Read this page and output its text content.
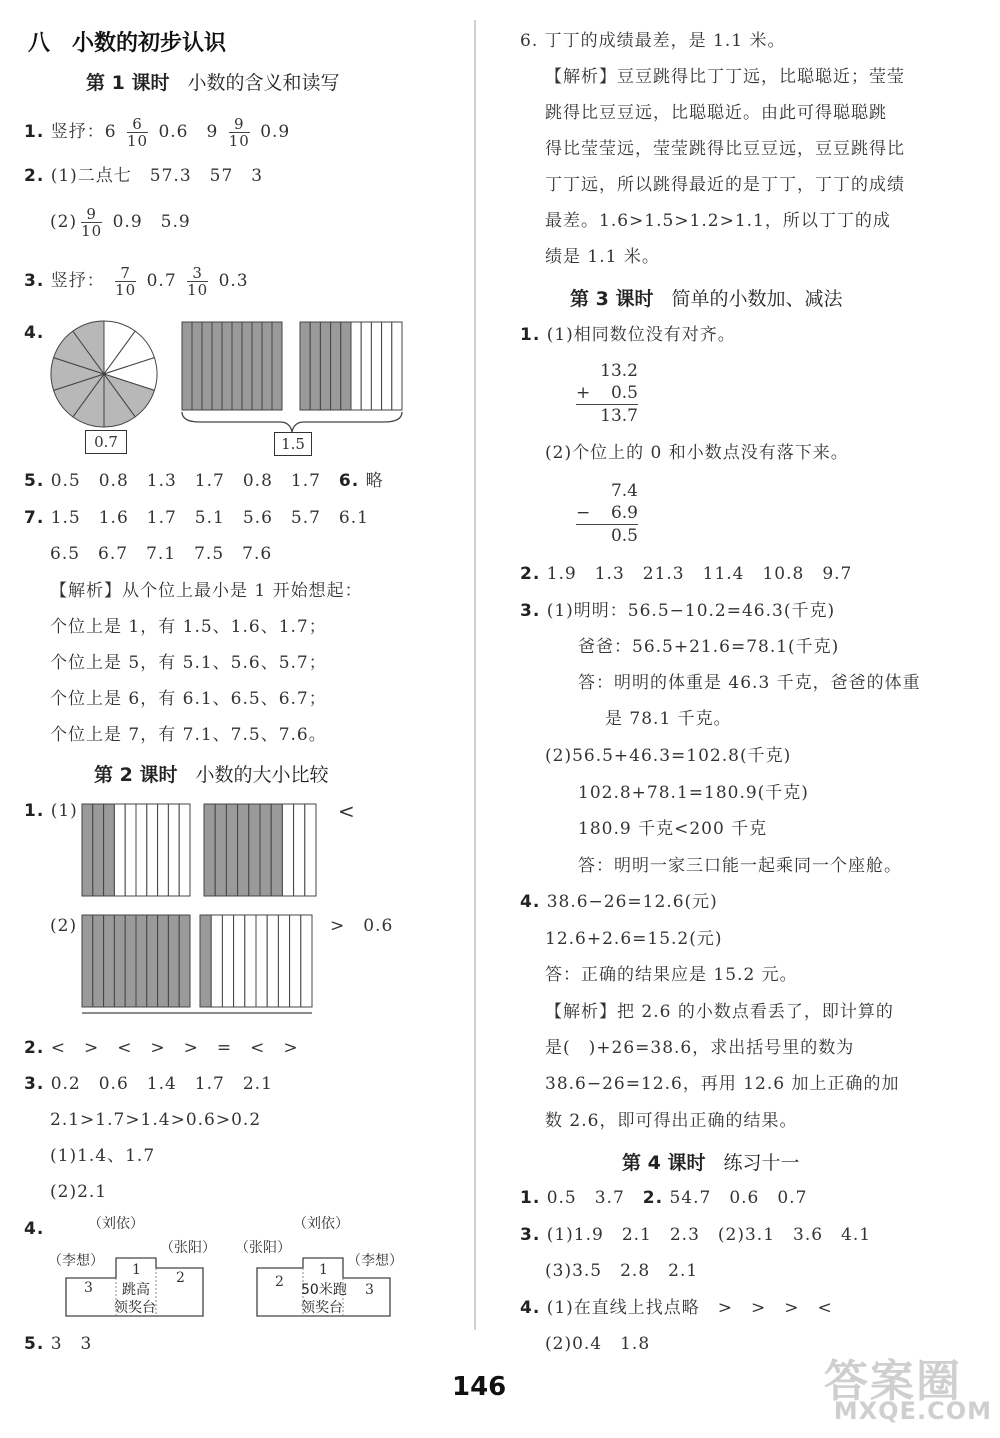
八　小数的初步认识
第 1 课时 小数的含义和读写
1. 竖抒：$6 \frac{6}{10} 0.6$　$9 \frac{9}{10} 0.9$
2. (1)二点七　57.3　57　3
$(2) \frac{9}{10} 0.9$　5.9
3. 竖抒： $\frac{7}{10} 0.7 \frac{3}{10} 0.3$
4.
0.7	1.5
5. 0.5　0.8　1.3　1.7　0.8　1.7　 6. 略
7. 1.5　1.6　1.7　5.1　5.6　5.7　6.1
6.5　6.7　7.1　7.5　7.6
【解析】从个位上最小是 1 开始想起：
个位上是 1，有 1.5、1.6、1.7；
个位上是 5，有 5.1、5.6、5.7；
个位上是 6，有 6.1、6.5、6.7；
个位上是 7，有 7.1、7.5、7.6。
第 2 课时 小数的大小比较
1. (1)	<
(2)	>　0.6
2. <　>　<　>　>　=　<　>
3. 0.2　0.6　1.4　1.7　2.1
2.1>1.7>1.4>0.6>0.2
(1)1.4、1.7
(2)2.1
4.	（刘依）
（李想）
（张阳）
1	2
3 跳高
领奖台
（刘依）
（张阳）
（李想）
1
2	3
50米跑
领奖台
5. 3　3
6. 丁丁的成绩最差，是 1.1 米。
【解析】豆豆跳得比丁丁远，比聪聪近；莹莹
跳得比豆豆远，比聪聪近。由此可得聪聪跳
得比莹莹远，莹莹跳得比豆豆远，豆豆跳得比
丁丁远，所以跳得最近的是丁丁，丁丁的成绩
最差。1.6>1.5>1.2>1.1，所以丁丁的成
绩是 1.1 米。
第 3 课时 简单的小数加、减法
1. (1)相同数位没有对齐。
13.2
+ 0.5
13.7
(2)个位上的 0 和小数点没有落下来。
7.4
− 6.9
0.5
2. 1.9　1.3　21.3　11.4　10.8　9.7
3. (1)明明：56.5−10.2=46.3(千克)
爸爸：56.5+21.6=78.1(千克)
答：明明的体重是 46.3 千克，爸爸的体重
是 78.1 千克。
(2)56.5+46.3=102.8(千克)
102.8+78.1=180.9(千克)
180.9 千克<200 千克
答：明明一家三口能一起乘同一个座舱。
4. 38.6−26=12.6(元)
12.6+2.6=15.2(元)
答：正确的结果应是 15.2 元。
【解析】把 2.6 的小数点看丢了，即计算的
是(　)+26=38.6，求出括号里的数为
38.6−26=12.6，再用 12.6 加上正确的加
数 2.6，即可得出正确的结果。
第 4 课时 练习十一
1. 0.5　3.7　 2. 54.7　0.6　0.7
3. (1)1.9　2.1　2.3　(2)3.1　3.6　4.1
(3)3.5　2.8　2.1
4. (1)在直线上找点略　>　>　>　<
(2)0.4　1.8
146	答案圈
MXQE.COM
